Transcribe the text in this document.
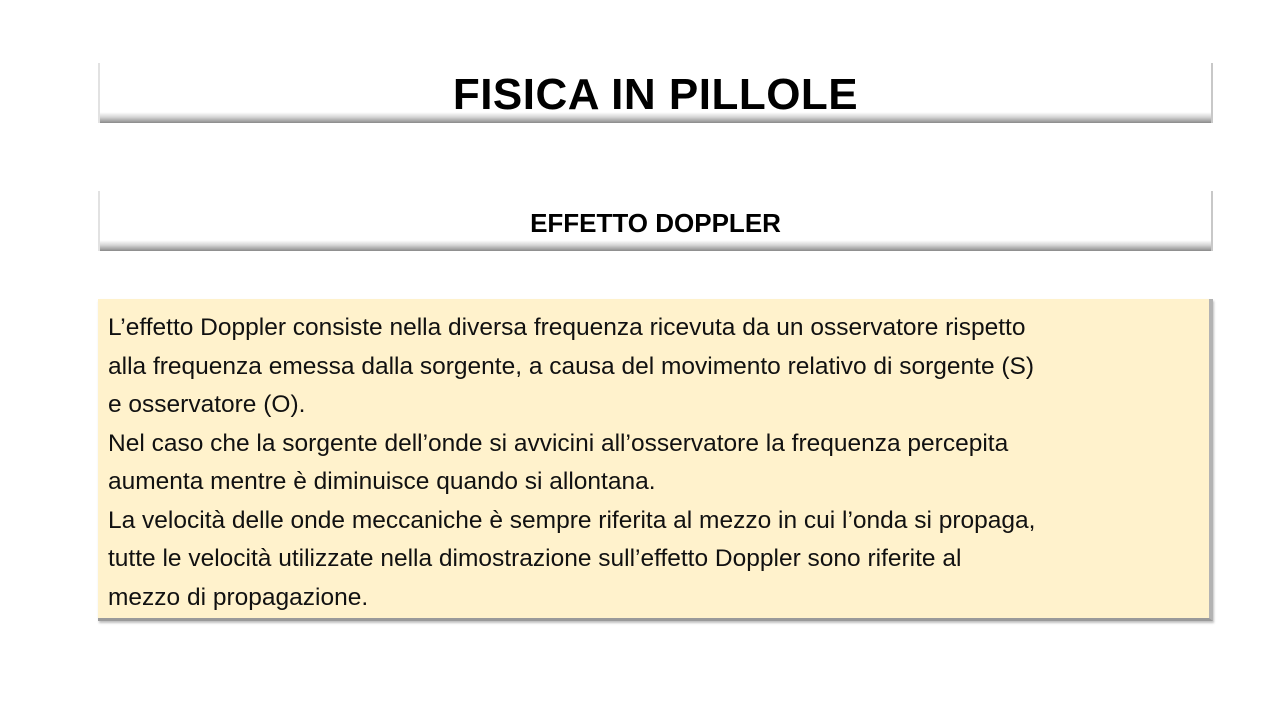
FISICA IN PILLOLE
EFFETTO DOPPLER

L’effetto Doppler consiste nella diversa frequenza ricevuta da un osservatore rispetto

alla frequenza emessa dalla sorgente, a causa del movimento relativo di sorgente (S)

e osservatore (O).

Nel caso che la sorgente dell’onde si avvicini all’osservatore la frequenza percepita

aumenta mentre è diminuisce quando si allontana.

La velocità delle onde meccaniche è sempre riferita al mezzo in cui l’onda si propaga,

tutte le velocità utilizzate nella dimostrazione sull’effetto Doppler sono riferite al

mezzo di propagazione.
